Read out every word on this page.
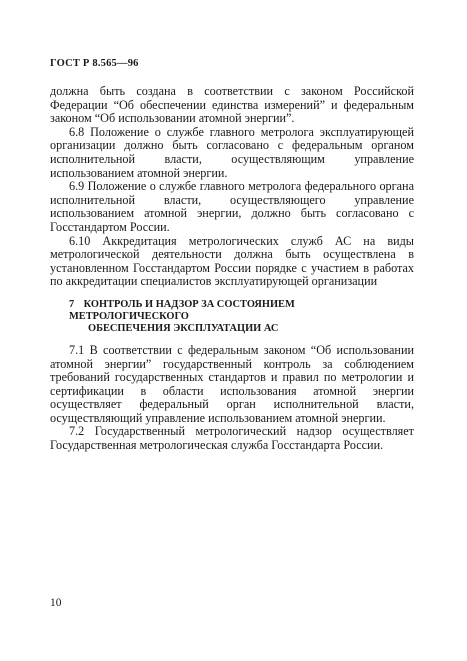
ГОСТ Р 8.565—96

должна быть создана в соответствии с законом Российской Федерации “Об обеспечении единства измерений” и федеральным законом “Об использовании атомной энергии”.

6.8 Положение о службе главного метролога эксплуатирующей организации должно быть согласовано с федеральным органом исполнительной власти, осуществляющим управление использованием атомной энергии.

6.9 Положение о службе главного метролога федерального органа исполнительной власти, осуществляющего управление использованием атомной энергии, должно быть согласовано с Госстандартом России.

6.10 Аккредитация метрологических служб АС на виды метрологической деятельности должна быть осуществлена в установленном Госстандартом России порядке с участием в работах по аккредитации специалистов эксплуатирующей организации

7 КОНТРОЛЬ И НАДЗОР ЗА СОСТОЯНИЕМ МЕТРОЛОГИЧЕСКОГО
ОБЕСПЕЧЕНИЯ ЭКСПЛУАТАЦИИ АС

7.1 В соответствии с федеральным законом “Об использовании атомной энергии” государственный контроль за соблюдением требований государственных стандартов и правил по метрологии и сертификации в области использования атомной энергии осуществляет федеральный орган исполнительной власти, осуществляющий управление использованием атомной энергии.

7.2 Государственный метрологический надзор осуществляет Государственная метрологическая служба Госстандарта России.

10
